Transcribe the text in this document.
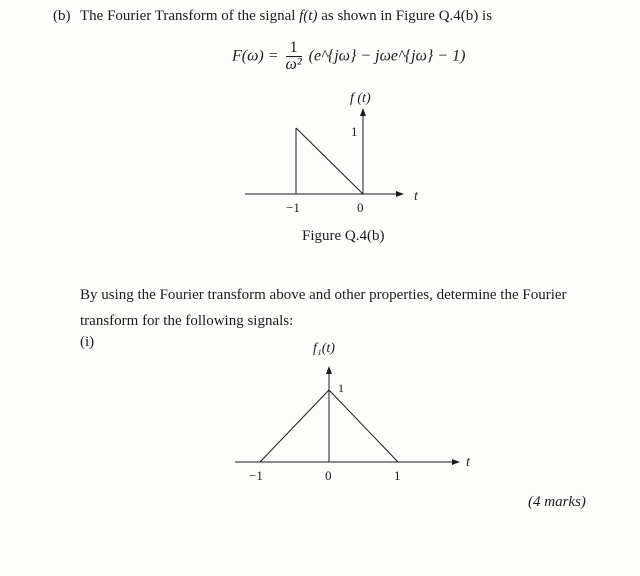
(b) The Fourier Transform of the signal f(t) as shown in Figure Q.4(b) is
$F(\omega) = \frac{1}{\text{ω²}}$ (e^{jω} − jωe^{jω} − 1)
f (t)
t
1
−1	0
Figure Q.4(b)
By using the Fourier transform above and other properties, determine the Fourier transform for the following signals:
(i)	f₁(t)
t
1
−1	0	1
(4 marks)
